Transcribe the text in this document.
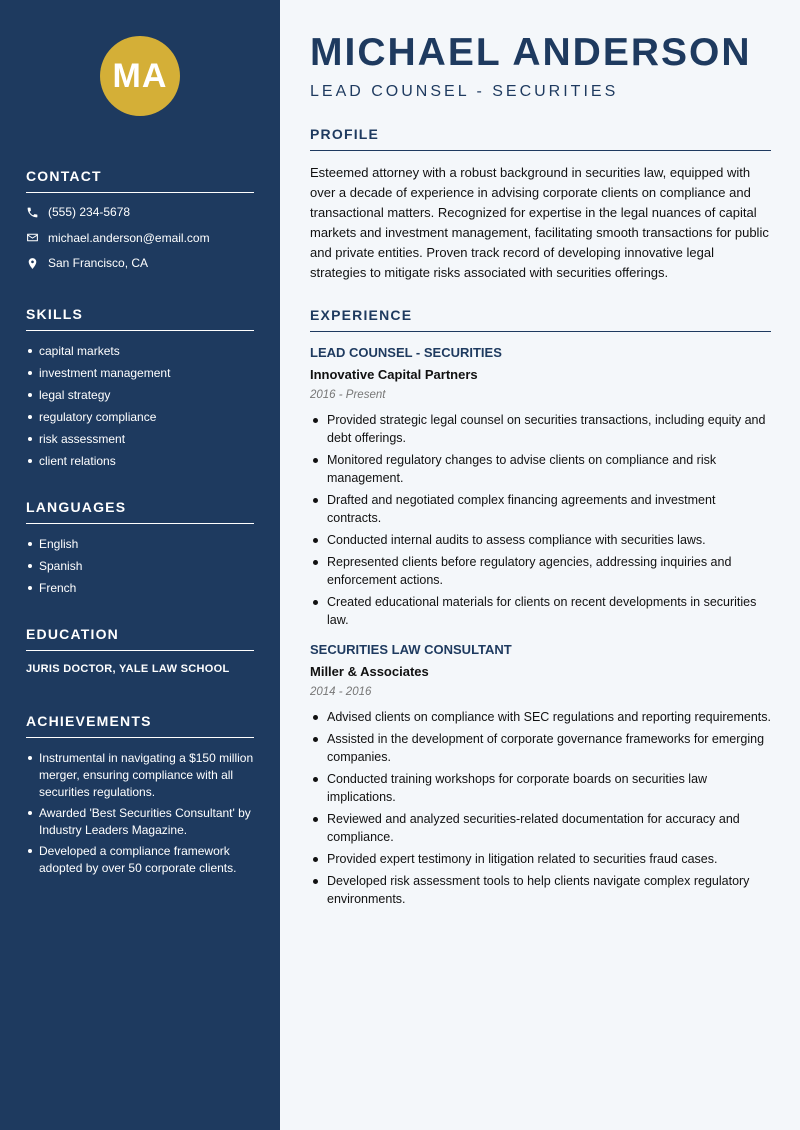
MA
CONTACT
(555) 234-5678
michael.anderson@email.com
San Francisco, CA
SKILLS
capital markets
investment management
legal strategy
regulatory compliance
risk assessment
client relations
LANGUAGES
English
Spanish
French
EDUCATION
JURIS DOCTOR, YALE LAW SCHOOL
ACHIEVEMENTS
Instrumental in navigating a $150 million merger, ensuring compliance with all securities regulations.
Awarded 'Best Securities Consultant' by Industry Leaders Magazine.
Developed a compliance framework adopted by over 50 corporate clients.
MICHAEL ANDERSON
LEAD COUNSEL - SECURITIES
PROFILE

Esteemed attorney with a robust background in securities law, equipped with over a decade of experience in advising corporate clients on compliance and transactional matters. Recognized for expertise in the legal nuances of capital markets and investment management, facilitating smooth transactions for public and private entities. Proven track record of developing innovative legal strategies to mitigate risks associated with securities offerings.

EXPERIENCE
LEAD COUNSEL - SECURITIES
Innovative Capital Partners
2016 - Present
Provided strategic legal counsel on securities transactions, including equity and debt offerings.
Monitored regulatory changes to advise clients on compliance and risk management.
Drafted and negotiated complex financing agreements and investment contracts.
Conducted internal audits to assess compliance with securities laws.
Represented clients before regulatory agencies, addressing inquiries and enforcement actions.
Created educational materials for clients on recent developments in securities law.
SECURITIES LAW CONSULTANT
Miller & Associates
2014 - 2016
Advised clients on compliance with SEC regulations and reporting requirements.
Assisted in the development of corporate governance frameworks for emerging companies.
Conducted training workshops for corporate boards on securities law implications.
Reviewed and analyzed securities-related documentation for accuracy and compliance.
Provided expert testimony in litigation related to securities fraud cases.
Developed risk assessment tools to help clients navigate complex regulatory environments.
